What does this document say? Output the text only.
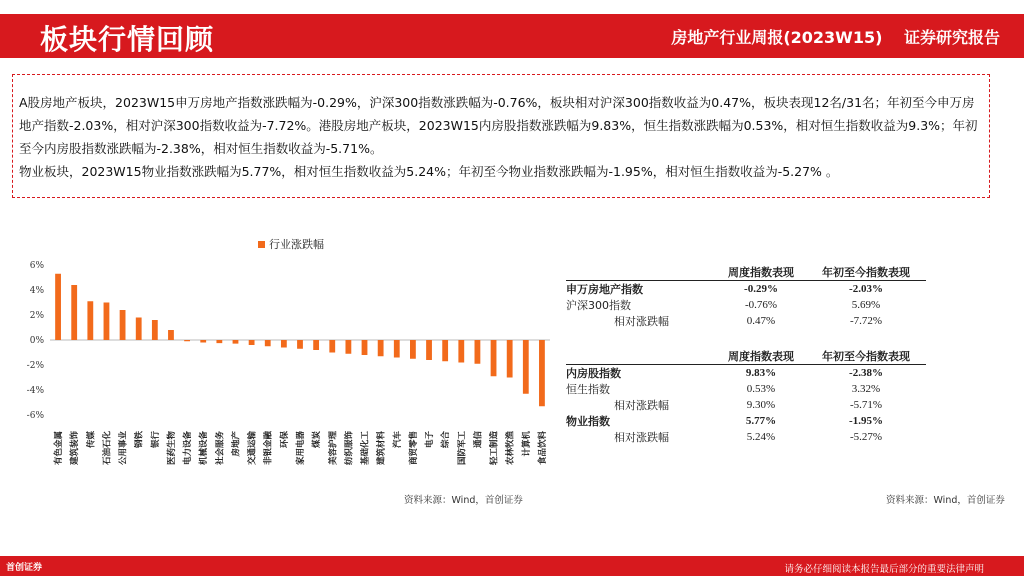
板块行情回顾	房地产行业周报(2023W15) 证券研究报告

A股房地产板块，2023W15申万房地产指数涨跌幅为-0.29%，沪深300指数涨跌幅为-0.76%，板块相对沪深300指数收益为0.47%，板块表现12名/31名；年初至今申万房地产指数-2.03%，相对沪深300指数收益为-7.72%。港股房地产板块，2023W15内房股指数涨跌幅为9.83%，恒生指数涨跌幅为0.53%，相对恒生指数收益为9.3%；年初至今内房股指数涨跌幅为-2.38%，相对恒生指数收益为-5.71%。

物业板块，2023W15物业指数涨跌幅为5.77%，相对恒生指数收益为5.24%；年初至今物业指数涨跌幅为-1.95%，相对恒生指数收益为-5.27% 。

行业涨跌幅
6%
4%
2%
0%
-2%
-4%
-6%
有色金属 建筑装饰 传媒 石油石化 公用事业 钢铁 银行 医药生物 电力设备 机械设备 社会服务 房地产 交通运输 非银金融 环保 家用电器 煤炭 美容护理 纺织服饰 基础化工 建筑材料 汽车 商贸零售 电子 综合 国防军工 通信 轻工制造 农林牧渔 计算机 食品饮料
资料来源：Wind，首创证券
	周度指数表现	年初至今指数表现
申万房地产指数	-0.29%	-2.03%
沪深300指数	-0.76%	5.69%
相对涨跌幅	0.47%	-7.72%
	周度指数表现	年初至今指数表现
内房股指数	9.83%	-2.38%
恒生指数	0.53%	3.32%
相对涨跌幅	9.30%	-5.71%
物业指数	5.77%	-1.95%
相对涨跌幅	5.24%	-5.27%
资料来源：Wind，首创证券
首创证券	请务必仔细阅读本报告最后部分的重要法律声明
